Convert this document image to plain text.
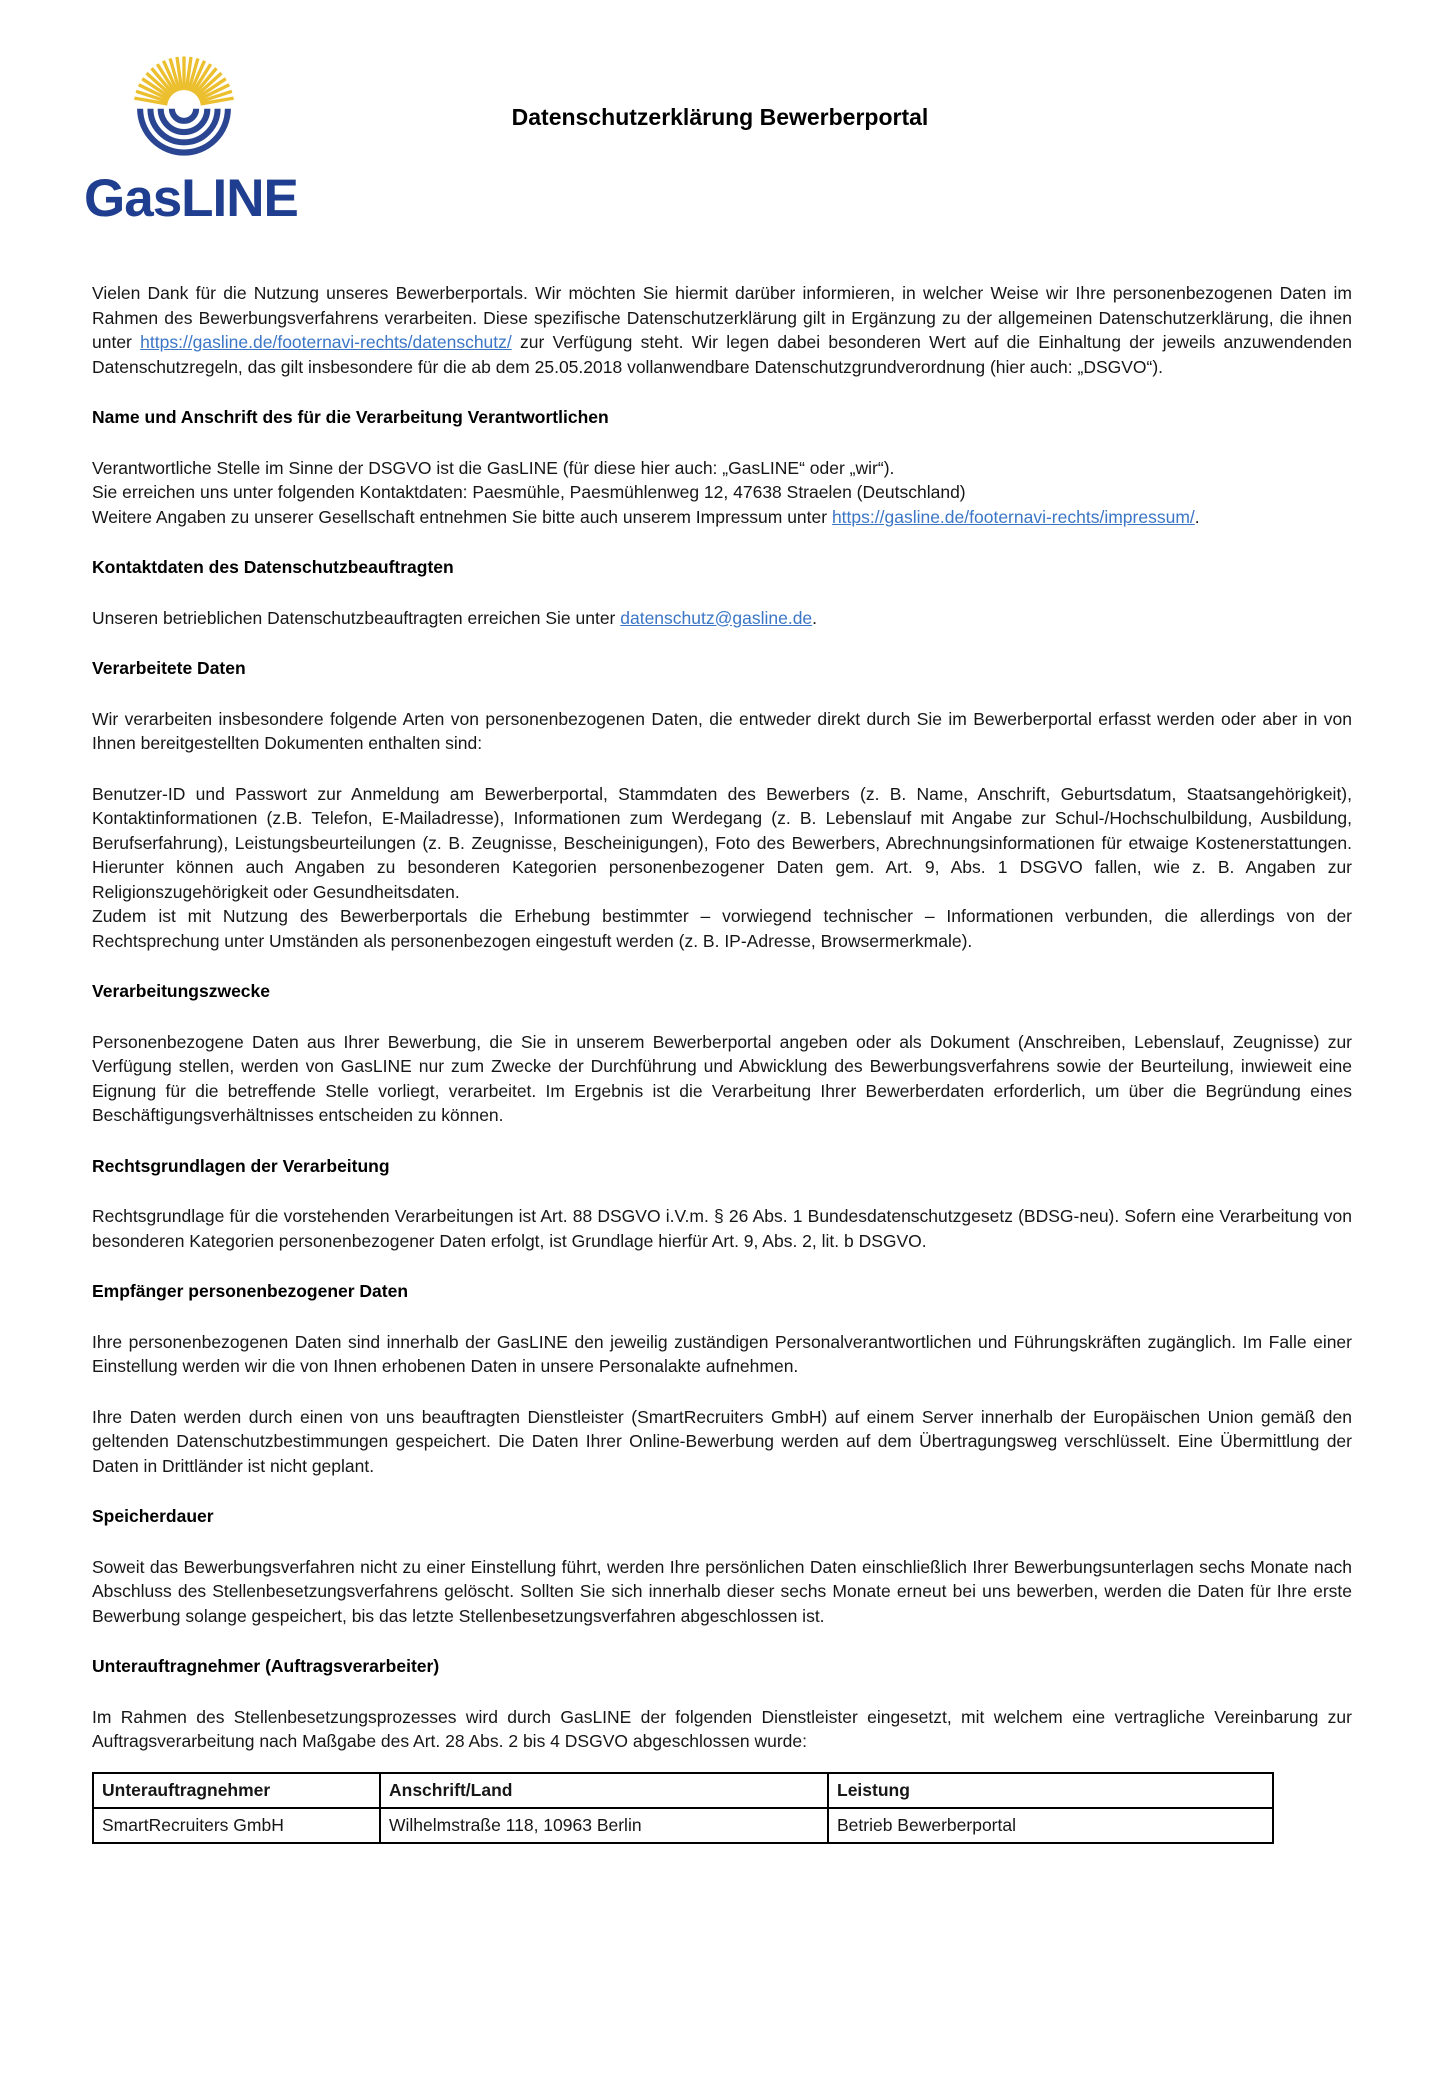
GasLINE
Datenschutzerklärung Bewerberportal

Vielen Dank für die Nutzung unseres Bewerberportals. Wir möchten Sie hiermit darüber informieren, in welcher Weise wir Ihre personenbezogenen Daten im Rahmen des Bewerbungsverfahrens verarbeiten. Diese spezifische Datenschutzerklärung gilt in Ergänzung zu der allgemeinen Datenschutzerklärung, die ihnen unter https://gasline.de/footernavi-rechts/datenschutz/ zur Verfügung steht. Wir legen dabei besonderen Wert auf die Einhaltung der jeweils anzuwendenden Datenschutzregeln, das gilt insbesondere für die ab dem 25.05.2018 vollanwendbare Datenschutzgrundverordnung (hier auch: „DSGVO“).

Name und Anschrift des für die Verarbeitung Verantwortlichen

Verantwortliche Stelle im Sinne der DSGVO ist die GasLINE (für diese hier auch: „GasLINE“ oder „wir“).
Sie erreichen uns unter folgenden Kontaktdaten: Paesmühle, Paesmühlenweg 12, 47638 Straelen (Deutschland)
Weitere Angaben zu unserer Gesellschaft entnehmen Sie bitte auch unserem Impressum unter https://gasline.de/footernavi-rechts/impressum/.

Kontaktdaten des Datenschutzbeauftragten

Unseren betrieblichen Datenschutzbeauftragten erreichen Sie unter datenschutz@gasline.de.

Verarbeitete Daten

Wir verarbeiten insbesondere folgende Arten von personenbezogenen Daten, die entweder direkt durch Sie im Bewerberportal erfasst werden oder aber in von Ihnen bereitgestellten Dokumenten enthalten sind:

Benutzer-ID und Passwort zur Anmeldung am Bewerberportal, Stammdaten des Bewerbers (z. B. Name, Anschrift, Geburtsdatum, Staatsangehörigkeit), Kontaktinformationen (z.B. Telefon, E-Mailadresse), Informationen zum Werdegang (z. B. Lebenslauf mit Angabe zur Schul-/Hochschulbildung, Ausbildung, Berufserfahrung), Leistungsbeurteilungen (z. B. Zeugnisse, Bescheinigungen), Foto des Bewerbers, Abrechnungsinformationen für etwaige Kostenerstattungen. Hierunter können auch Angaben zu besonderen Kategorien personenbezogener Daten gem. Art. 9, Abs. 1 DSGVO fallen, wie z. B. Angaben zur Religionszugehörigkeit oder Gesundheitsdaten.
Zudem ist mit Nutzung des Bewerberportals die Erhebung bestimmter – vorwiegend technischer – Informationen verbunden, die allerdings von der Rechtsprechung unter Umständen als personenbezogen eingestuft werden (z. B. IP-Adresse, Browsermerkmale).

Verarbeitungszwecke

Personenbezogene Daten aus Ihrer Bewerbung, die Sie in unserem Bewerberportal angeben oder als Dokument (Anschreiben, Lebenslauf, Zeugnisse) zur Verfügung stellen, werden von GasLINE nur zum Zwecke der Durchführung und Abwicklung des Bewerbungsverfahrens sowie der Beurteilung, inwieweit eine Eignung für die betreffende Stelle vorliegt, verarbeitet. Im Ergebnis ist die Verarbeitung Ihrer Bewerberdaten erforderlich, um über die Begründung eines Beschäftigungsverhältnisses entscheiden zu können.

Rechtsgrundlagen der Verarbeitung

Rechtsgrundlage für die vorstehenden Verarbeitungen ist Art. 88 DSGVO i.V.m. § 26 Abs. 1 Bundesdatenschutzgesetz (BDSG-neu). Sofern eine Verarbeitung von besonderen Kategorien personenbezogener Daten erfolgt, ist Grundlage hierfür Art. 9, Abs. 2, lit. b DSGVO.

Empfänger personenbezogener Daten

Ihre personenbezogenen Daten sind innerhalb der GasLINE den jeweilig zuständigen Personalverantwortlichen und Führungskräften zugänglich. Im Falle einer Einstellung werden wir die von Ihnen erhobenen Daten in unsere Personalakte aufnehmen.

Ihre Daten werden durch einen von uns beauftragten Dienstleister (SmartRecruiters GmbH) auf einem Server innerhalb der Europäischen Union gemäß den geltenden Datenschutzbestimmungen gespeichert. Die Daten Ihrer Online-Bewerbung werden auf dem Übertragungsweg verschlüsselt. Eine Übermittlung der Daten in Drittländer ist nicht geplant.

Speicherdauer

Soweit das Bewerbungsverfahren nicht zu einer Einstellung führt, werden Ihre persönlichen Daten einschließlich Ihrer Bewerbungsunterlagen sechs Monate nach Abschluss des Stellenbesetzungsverfahrens gelöscht. Sollten Sie sich innerhalb dieser sechs Monate erneut bei uns bewerben, werden die Daten für Ihre erste Bewerbung solange gespeichert, bis das letzte Stellenbesetzungsverfahren abgeschlossen ist.

Unterauftragnehmer (Auftragsverarbeiter)

Im Rahmen des Stellenbesetzungsprozesses wird durch GasLINE der folgenden Dienstleister eingesetzt, mit welchem eine vertragliche Vereinbarung zur Auftragsverarbeitung nach Maßgabe des Art. 28 Abs. 2 bis 4 DSGVO abgeschlossen wurde:

Unterauftragnehmer	Anschrift/Land	Leistung
SmartRecruiters GmbH	Wilhelmstraße 118, 10963 Berlin	Betrieb Bewerberportal
